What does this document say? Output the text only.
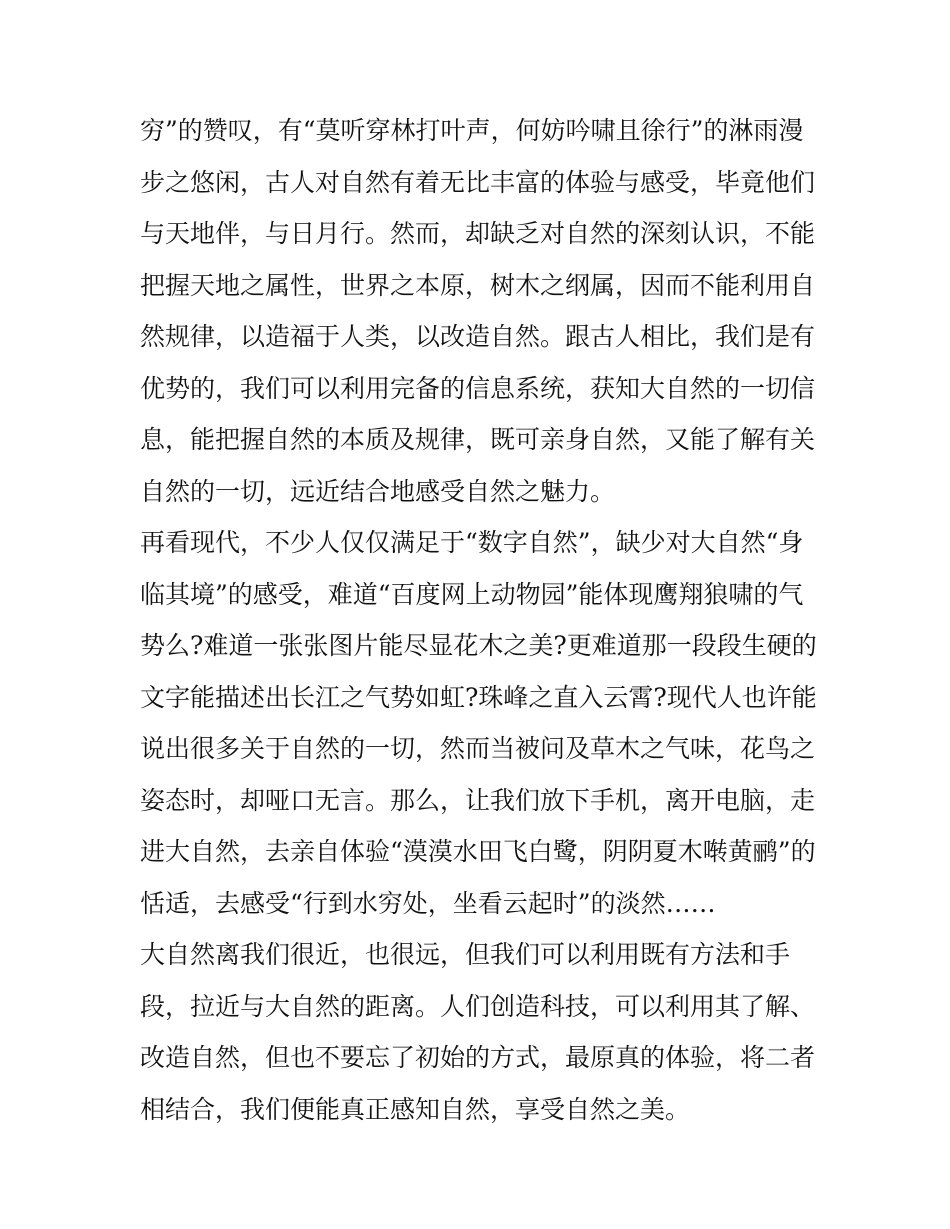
穷”的赞叹，有“莫听穿林打叶声，何妨吟啸且徐行”的淋雨漫
步之悠闲，古人对自然有着无比丰富的体验与感受，毕竟他们
与天地伴，与日月行。然而，却缺乏对自然的深刻认识，不能
把握天地之属性，世界之本原，树木之纲属，因而不能利用自
然规律，以造福于人类，以改造自然。跟古人相比，我们是有
优势的，我们可以利用完备的信息系统，获知大自然的一切信
息，能把握自然的本质及规律，既可亲身自然，又能了解有关
自然的一切，远近结合地感受自然之魅力。
再看现代，不少人仅仅满足于“数字自然”，缺少对大自然“身
临其境”的感受，难道“百度网上动物园”能体现鹰翔狼啸的气
势么?难道一张张图片能尽显花木之美?更难道那一段段生硬的
文字能描述出长江之气势如虹?珠峰之直入云霄?现代人也许能
说出很多关于自然的一切，然而当被问及草木之气味，花鸟之
姿态时，却哑口无言。那么，让我们放下手机，离开电脑，走
进大自然，去亲自体验“漠漠水田飞白鹭，阴阴夏木啭黄鹂”的
恬适，去感受“行到水穷处，坐看云起时”的淡然……
大自然离我们很近，也很远，但我们可以利用既有方法和手
段，拉近与大自然的距离。人们创造科技，可以利用其了解、
改造自然，但也不要忘了初始的方式，最原真的体验，将二者
相结合，我们便能真正感知自然，享受自然之美。
